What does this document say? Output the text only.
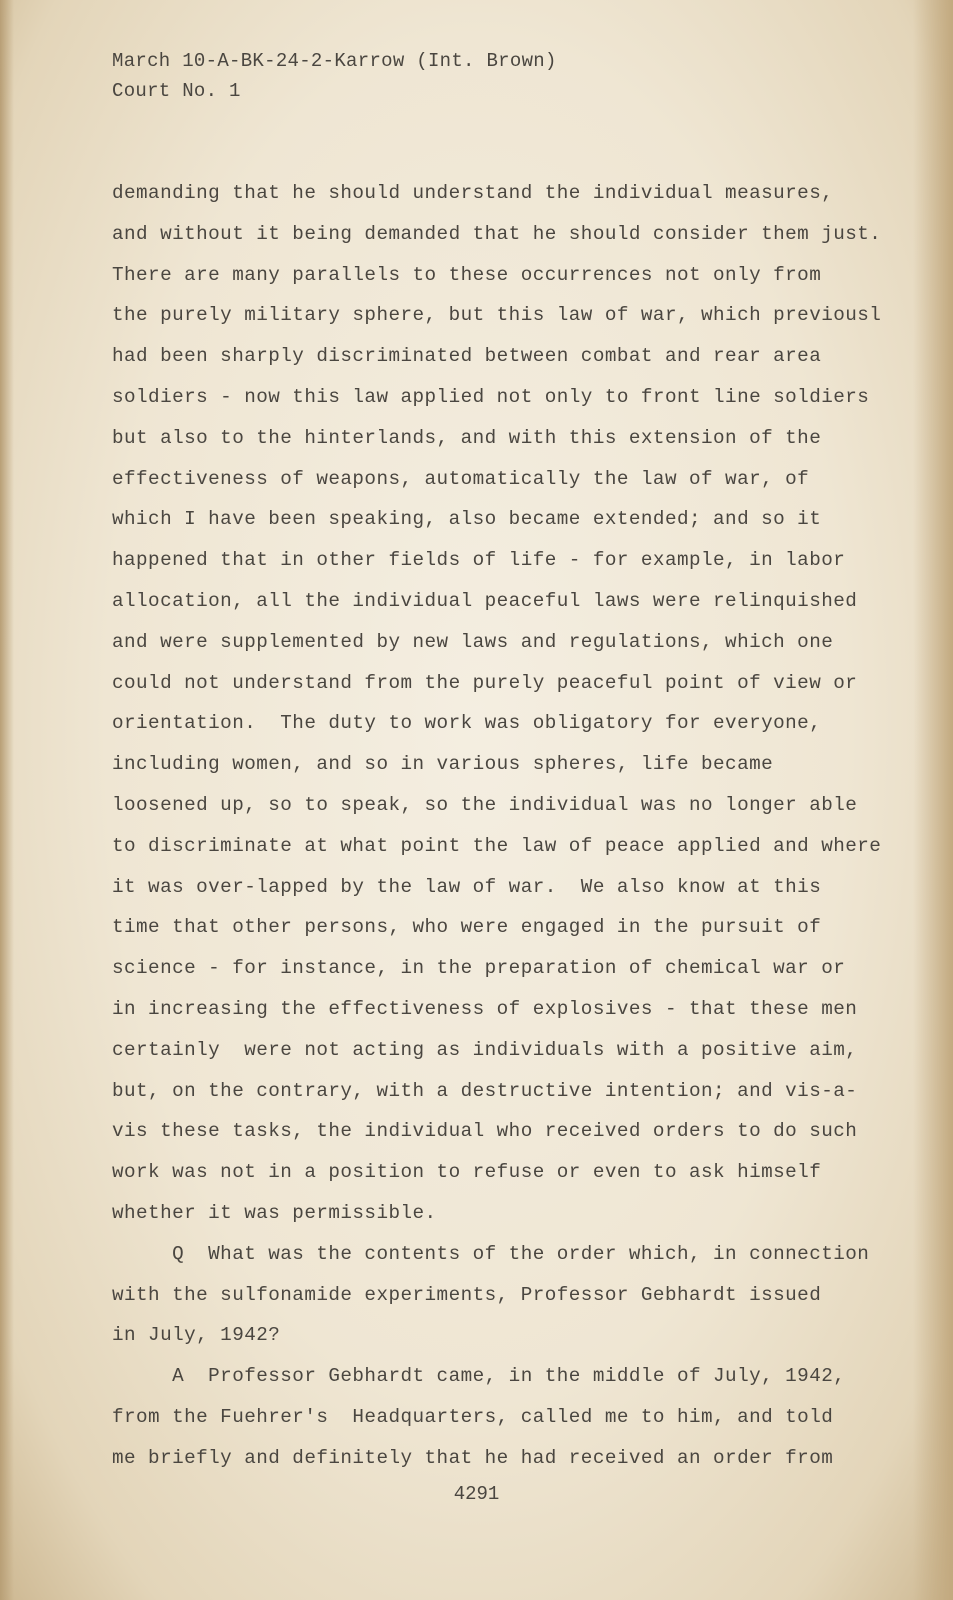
March 10-A-BK-24-2-Karrow (Int. Brown)
Court No. 1
demanding that he should understand the individual measures,
and without it being demanded that he should consider them just.
There are many parallels to these occurrences not only from
the purely military sphere, but this law of war, which previousl
had been sharply discriminated between combat and rear area
soldiers - now this law applied not only to front line soldiers
but also to the hinterlands, and with this extension of the
effectiveness of weapons, automatically the law of war, of
which I have been speaking, also became extended; and so it
happened that in other fields of life - for example, in labor
allocation, all the individual peaceful laws were relinquished
and were supplemented by new laws and regulations, which one
could not understand from the purely peaceful point of view or
orientation.  The duty to work was obligatory for everyone,
including women, and so in various spheres, life became
loosened up, so to speak, so the individual was no longer able
to discriminate at what point the law of peace applied and where
it was over-lapped by the law of war.  We also know at this
time that other persons, who were engaged in the pursuit of
science - for instance, in the preparation of chemical war or
in increasing the effectiveness of explosives - that these men
certainly  were not acting as individuals with a positive aim,
but, on the contrary, with a destructive intention; and vis-a-
vis these tasks, the individual who received orders to do such
work was not in a position to refuse or even to ask himself
whether it was permissible.
Q  What was the contents of the order which, in connection
with the sulfonamide experiments, Professor Gebhardt issued
in July, 1942?
A  Professor Gebhardt came, in the middle of July, 1942,
from the Fuehrer's  Headquarters, called me to him, and told
me briefly and definitely that he had received an order from
4291
